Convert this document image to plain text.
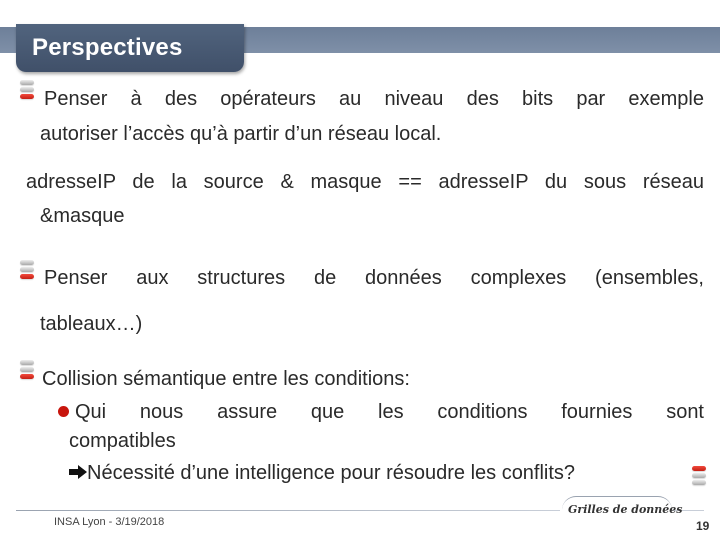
Perspectives
Penser à des opérateurs au niveau des bits par exemple
autoriser l’accès qu’à partir d’un réseau local.
adresseIP de la source & masque == adresseIP du sous réseau
&masque
Penser aux structures de données complexes (ensembles,
tableaux…)
Collision sémantique entre les conditions:
Qui nous assure que les conditions fournies sont
compatibles
Nécessité d’une intelligence pour résoudre les conflits?
INSA Lyon - 3/19/2018
Grilles de données
19
